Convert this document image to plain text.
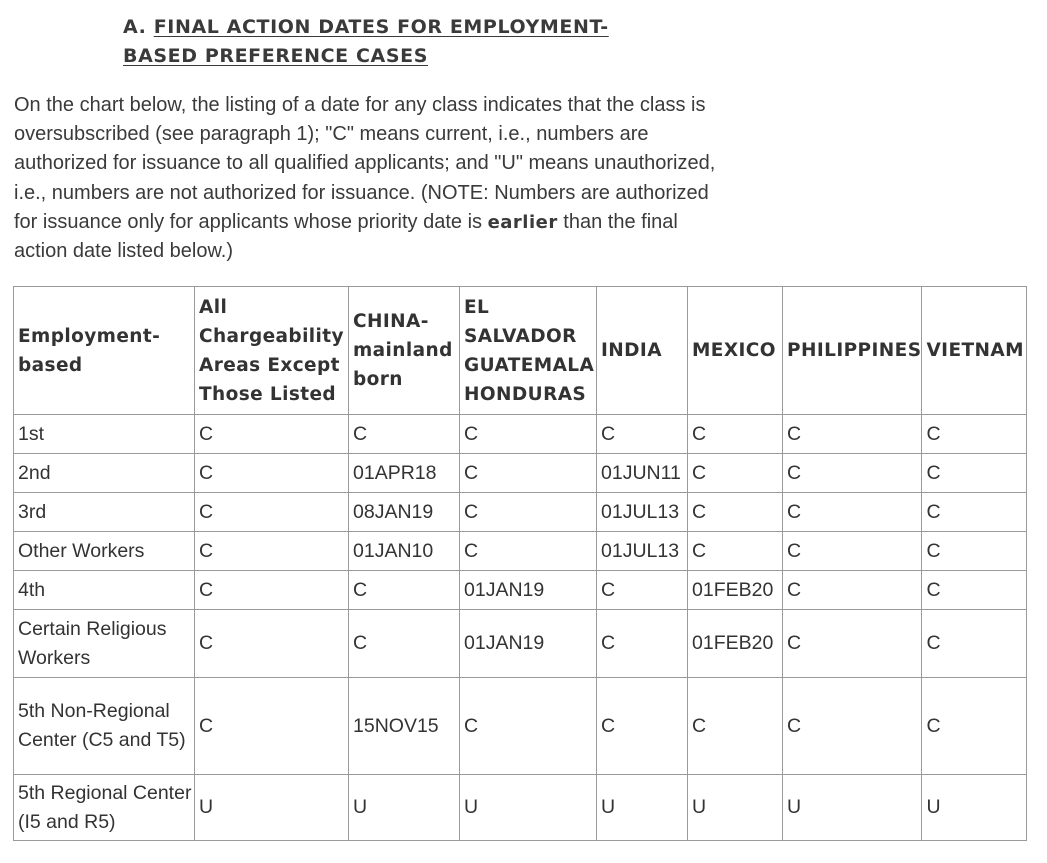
A. FINAL ACTION DATES FOR EMPLOYMENT-
BASED PREFERENCE CASES
On the chart below, the listing of a date for any class indicates that the class is oversubscribed (see paragraph 1); "C" means current, i.e., numbers are authorized for issuance to all qualified applicants; and "U" means unauthorized, i.e., numbers are not authorized for issuance. (NOTE: Numbers are authorized for issuance only for applicants whose priority date is earlier than the final action date listed below.)
Employment-based	All Chargeability Areas Except Those Listed	CHINA-mainland born	EL SALVADOR GUATEMALA HONDURAS	INDIA	MEXICO	PHILIPPINES	VIETNAM
1st	C	C	C	C	C	C	C
2nd	C	01APR18	C	01JUN11	C	C	C
3rd	C	08JAN19	C	01JUL13	C	C	C
Other Workers	C	01JAN10	C	01JUL13	C	C	C
4th	C	C	01JAN19	C	01FEB20	C	C
Certain Religious Workers	C	C	01JAN19	C	01FEB20	C	C
5th Non-Regional Center (C5 and T5)	C	15NOV15	C	C	C	C	C
5th Regional Center (I5 and R5)	U	U	U	U	U	U	U
